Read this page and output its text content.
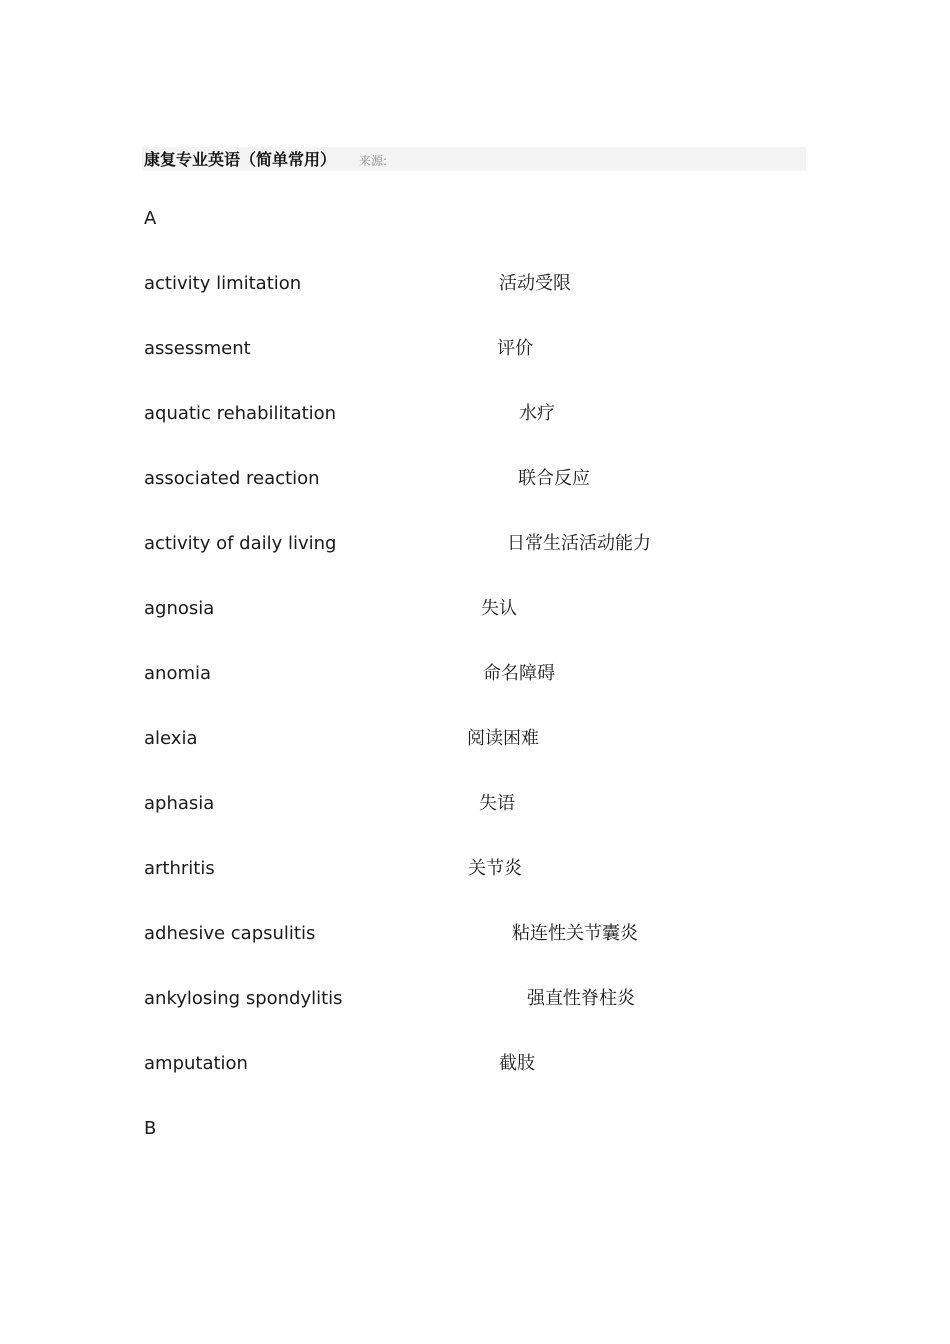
康复专业英语（简单常用） 来源:
A
activity limitation	活动受限
assessment	评价
aquatic rehabilitation	水疗
associated reaction	联合反应
activity of daily living	日常生活活动能力
agnosia	失认
anomia	命名障碍
alexia	阅读困难
aphasia	失语
arthritis	关节炎
adhesive capsulitis	粘连性关节囊炎
ankylosing spondylitis	强直性脊柱炎
amputation	截肢
B
